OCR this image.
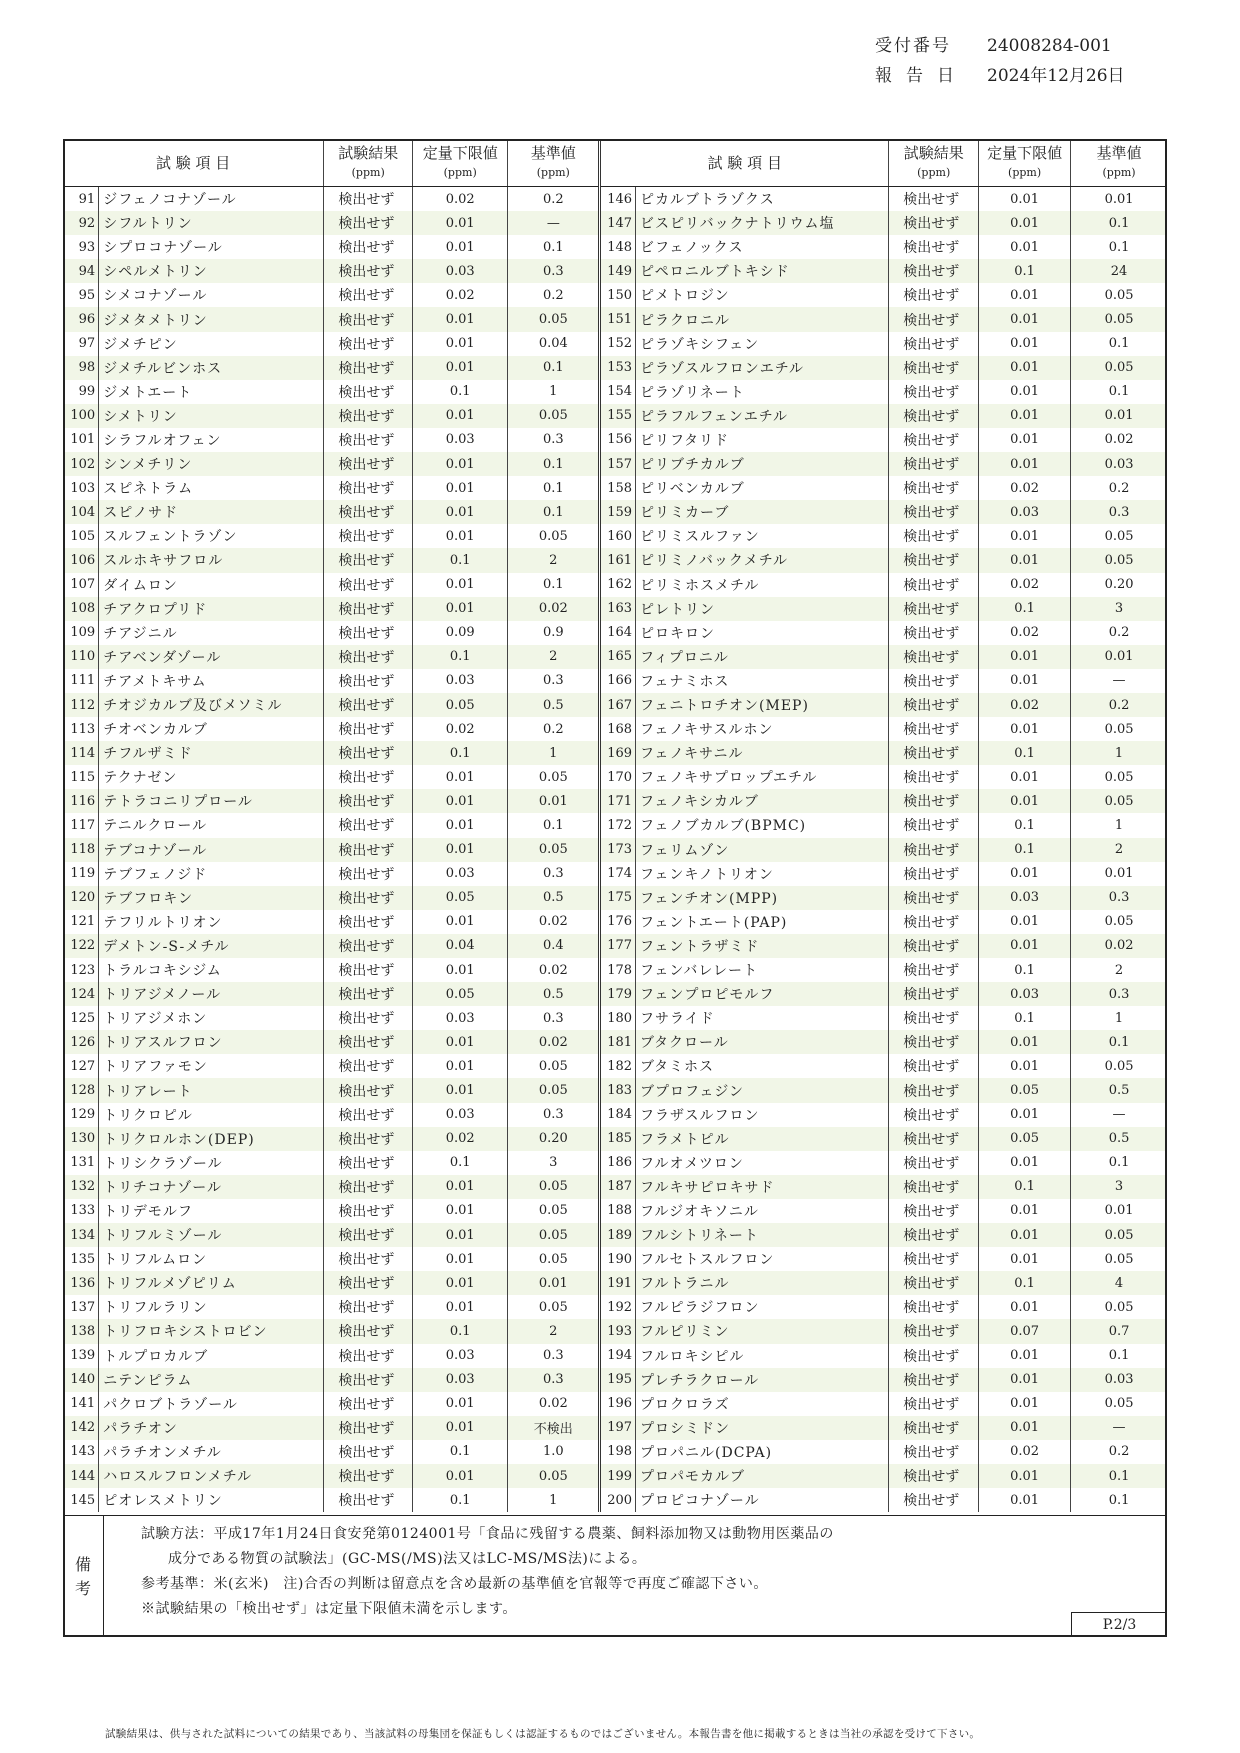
受付番号	24008284-001
報告日	2024年12月26日
試 験 項 目		試験結果
(ppm)	定量下限値
(ppm)	基準値
(ppm)	試 験 項 目		試験結果
(ppm)	定量下限値
(ppm)	基準値
(ppm)
91	ジフェノコナゾール	検出せず	0.02	0.2	146	ピカルブトラゾクス	検出せず	0.01	0.01
92	シフルトリン	検出せず	0.01	—	147	ビスピリバックナトリウム塩	検出せず	0.01	0.1
93	シプロコナゾール	検出せず	0.01	0.1	148	ビフェノックス	検出せず	0.01	0.1
94	シペルメトリン	検出せず	0.03	0.3	149	ピペロニルブトキシド	検出せず	0.1	24
95	シメコナゾール	検出せず	0.02	0.2	150	ピメトロジン	検出せず	0.01	0.05
96	ジメタメトリン	検出せず	0.01	0.05	151	ピラクロニル	検出せず	0.01	0.05
97	ジメチピン	検出せず	0.01	0.04	152	ピラゾキシフェン	検出せず	0.01	0.1
98	ジメチルビンホス	検出せず	0.01	0.1	153	ピラゾスルフロンエチル	検出せず	0.01	0.05
99	ジメトエート	検出せず	0.1	1	154	ピラゾリネート	検出せず	0.01	0.1
100	シメトリン	検出せず	0.01	0.05	155	ピラフルフェンエチル	検出せず	0.01	0.01
101	シラフルオフェン	検出せず	0.03	0.3	156	ピリフタリド	検出せず	0.01	0.02
102	シンメチリン	検出せず	0.01	0.1	157	ピリブチカルブ	検出せず	0.01	0.03
103	スピネトラム	検出せず	0.01	0.1	158	ピリベンカルブ	検出せず	0.02	0.2
104	スピノサド	検出せず	0.01	0.1	159	ピリミカーブ	検出せず	0.03	0.3
105	スルフェントラゾン	検出せず	0.01	0.05	160	ピリミスルファン	検出せず	0.01	0.05
106	スルホキサフロル	検出せず	0.1	2	161	ピリミノバックメチル	検出せず	0.01	0.05
107	ダイムロン	検出せず	0.01	0.1	162	ピリミホスメチル	検出せず	0.02	0.20
108	チアクロプリド	検出せず	0.01	0.02	163	ピレトリン	検出せず	0.1	3
109	チアジニル	検出せず	0.09	0.9	164	ピロキロン	検出せず	0.02	0.2
110	チアベンダゾール	検出せず	0.1	2	165	フィプロニル	検出せず	0.01	0.01
111	チアメトキサム	検出せず	0.03	0.3	166	フェナミホス	検出せず	0.01	—
112	チオジカルブ及びメソミル	検出せず	0.05	0.5	167	フェニトロチオン(MEP)	検出せず	0.02	0.2
113	チオベンカルブ	検出せず	0.02	0.2	168	フェノキサスルホン	検出せず	0.01	0.05
114	チフルザミド	検出せず	0.1	1	169	フェノキサニル	検出せず	0.1	1
115	テクナゼン	検出せず	0.01	0.05	170	フェノキサプロップエチル	検出せず	0.01	0.05
116	テトラコニリプロール	検出せず	0.01	0.01	171	フェノキシカルブ	検出せず	0.01	0.05
117	テニルクロール	検出せず	0.01	0.1	172	フェノブカルブ(BPMC)	検出せず	0.1	1
118	テブコナゾール	検出せず	0.01	0.05	173	フェリムゾン	検出せず	0.1	2
119	テブフェノジド	検出せず	0.03	0.3	174	フェンキノトリオン	検出せず	0.01	0.01
120	テブフロキン	検出せず	0.05	0.5	175	フェンチオン(MPP)	検出せず	0.03	0.3
121	テフリルトリオン	検出せず	0.01	0.02	176	フェントエート(PAP)	検出せず	0.01	0.05
122	デメトン-S-メチル	検出せず	0.04	0.4	177	フェントラザミド	検出せず	0.01	0.02
123	トラルコキシジム	検出せず	0.01	0.02	178	フェンバレレート	検出せず	0.1	2
124	トリアジメノール	検出せず	0.05	0.5	179	フェンプロピモルフ	検出せず	0.03	0.3
125	トリアジメホン	検出せず	0.03	0.3	180	フサライド	検出せず	0.1	1
126	トリアスルフロン	検出せず	0.01	0.02	181	ブタクロール	検出せず	0.01	0.1
127	トリアファモン	検出せず	0.01	0.05	182	ブタミホス	検出せず	0.01	0.05
128	トリアレート	検出せず	0.01	0.05	183	ブプロフェジン	検出せず	0.05	0.5
129	トリクロピル	検出せず	0.03	0.3	184	フラザスルフロン	検出せず	0.01	—
130	トリクロルホン(DEP)	検出せず	0.02	0.20	185	フラメトピル	検出せず	0.05	0.5
131	トリシクラゾール	検出せず	0.1	3	186	フルオメツロン	検出せず	0.01	0.1
132	トリチコナゾール	検出せず	0.01	0.05	187	フルキサピロキサド	検出せず	0.1	3
133	トリデモルフ	検出せず	0.01	0.05	188	フルジオキソニル	検出せず	0.01	0.01
134	トリフルミゾール	検出せず	0.01	0.05	189	フルシトリネート	検出せず	0.01	0.05
135	トリフルムロン	検出せず	0.01	0.05	190	フルセトスルフロン	検出せず	0.01	0.05
136	トリフルメゾピリム	検出せず	0.01	0.01	191	フルトラニル	検出せず	0.1	4
137	トリフルラリン	検出せず	0.01	0.05	192	フルピラジフロン	検出せず	0.01	0.05
138	トリフロキシストロビン	検出せず	0.1	2	193	フルピリミン	検出せず	0.07	0.7
139	トルプロカルブ	検出せず	0.03	0.3	194	フルロキシピル	検出せず	0.01	0.1
140	ニテンピラム	検出せず	0.03	0.3	195	プレチラクロール	検出せず	0.01	0.03
141	パクロブトラゾール	検出せず	0.01	0.02	196	プロクロラズ	検出せず	0.01	0.05
142	パラチオン	検出せず	0.01	不検出	197	プロシミドン	検出せず	0.01	—
143	パラチオンメチル	検出せず	0.1	1.0	198	プロパニル(DCPA)	検出せず	0.02	0.2
144	ハロスルフロンメチル	検出せず	0.01	0.05	199	プロパモカルブ	検出せず	0.01	0.1
145	ピオレスメトリン	検出せず	0.1	1	200	プロピコナゾール	検出せず	0.01	0.1
備
考
試験方法：平成17年1月24日食安発第0124001号「食品に残留する農薬、飼料添加物又は動物用医薬品の
成分である物質の試験法」(GC-MS(/MS)法又はLC-MS/MS法)による。
参考基準：米(玄米)　注)合否の判断は留意点を含め最新の基準値を官報等で再度ご確認下さい。
※試験結果の「検出せず」は定量下限値未満を示します。
P.2/3
試験結果は、供与された試料についての結果であり、当該試料の母集団を保証もしくは認証するものではございません。本報告書を他に掲載するときは当社の承認を受けて下さい。
